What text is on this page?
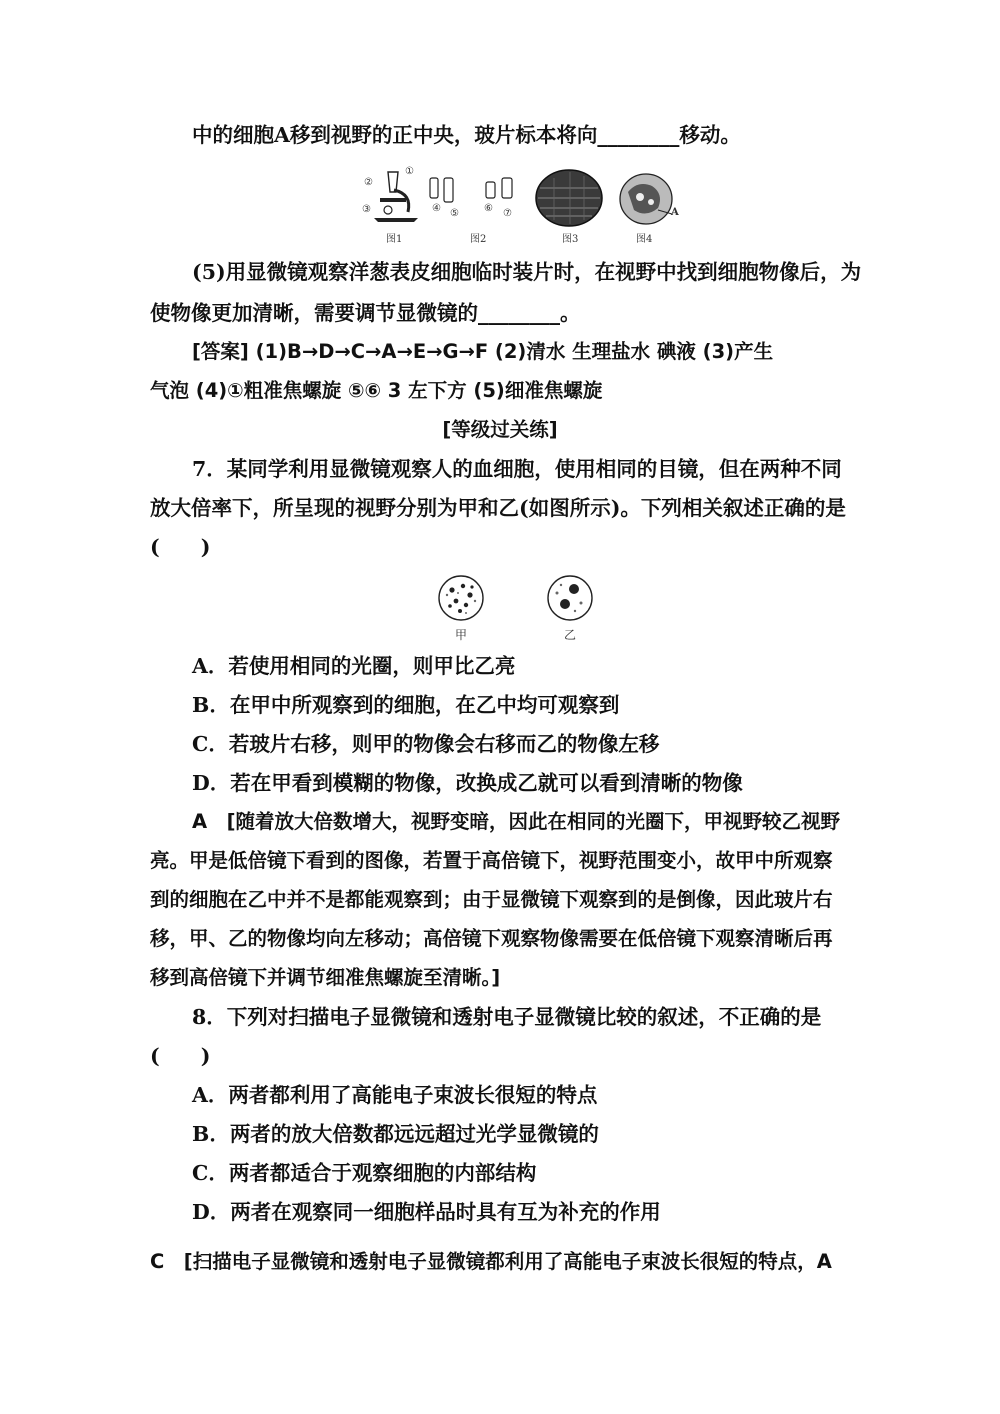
中的细胞A移到视野的正中央，玻片标本将向________移动。
②
③
①
④ ⑤	⑥ ⑦	A
图1	图2	图3	图4
(5)用显微镜观察洋葱表皮细胞临时装片时，在视野中找到细胞物像后，为
使物像更加清晰，需要调节显微镜的________。
[答案] (1)B→D→C→A→E→G→F (2)清水 生理盐水 碘液 (3)产生
气泡 (4)①粗准焦螺旋 ⑤⑥ 3 左下方 (5)细准焦螺旋
[等级过关练]
7．某同学利用显微镜观察人的血细胞，使用相同的目镜，但在两种不同
放大倍率下，所呈现的视野分别为甲和乙(如图所示)。下列相关叙述正确的是
(　　)
甲	乙
A．若使用相同的光圈，则甲比乙亮
B．在甲中所观察到的细胞，在乙中均可观察到
C．若玻片右移，则甲的物像会右移而乙的物像左移
D．若在甲看到模糊的物像，改换成乙就可以看到清晰的物像
A　[随着放大倍数增大，视野变暗，因此在相同的光圈下，甲视野较乙视野
亮。甲是低倍镜下看到的图像，若置于高倍镜下，视野范围变小，故甲中所观察
到的细胞在乙中并不是都能观察到；由于显微镜下观察到的是倒像，因此玻片右
移，甲、乙的物像均向左移动；高倍镜下观察物像需要在低倍镜下观察清晰后再
移到高倍镜下并调节细准焦螺旋至清晰。]
8．下列对扫描电子显微镜和透射电子显微镜比较的叙述，不正确的是
(　　)
A．两者都利用了高能电子束波长很短的特点
B．两者的放大倍数都远远超过光学显微镜的
C．两者都适合于观察细胞的内部结构
D．两者在观察同一细胞样品时具有互为补充的作用
C　[扫描电子显微镜和透射电子显微镜都利用了高能电子束波长很短的特点，A
